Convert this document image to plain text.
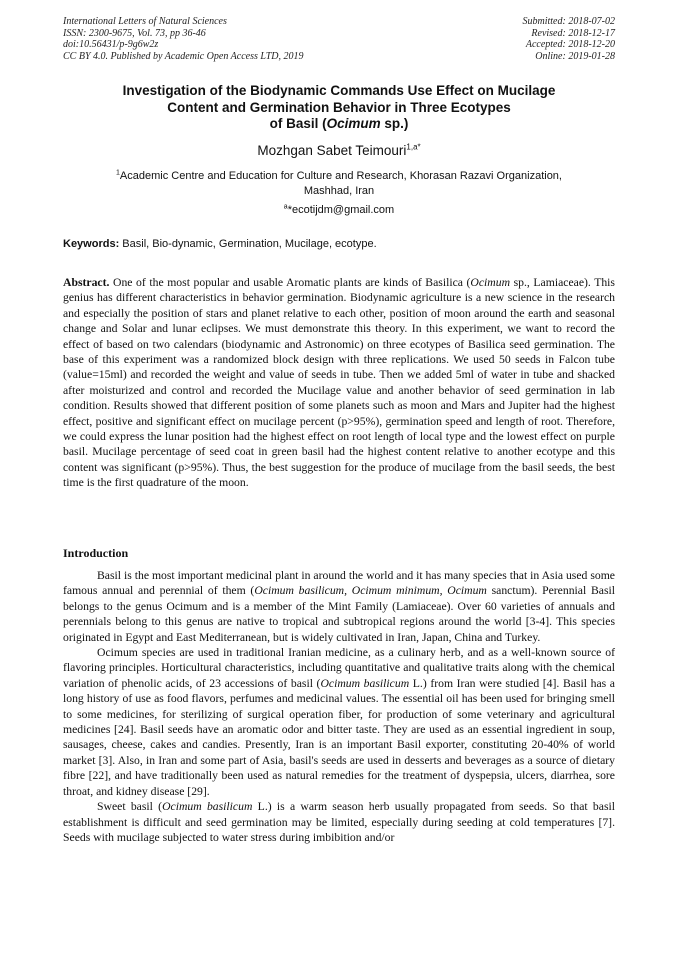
International Letters of Natural Sciences
ISSN: 2300-9675, Vol. 73, pp 36-46
doi:10.56431/p-9g6w2z
CC BY 4.0. Published by Academic Open Access LTD, 2019
Submitted: 2018-07-02
Revised: 2018-12-17
Accepted: 2018-12-20
Online: 2019-01-28
Investigation of the Biodynamic Commands Use Effect on Mucilage
Content and Germination Behavior in Three Ecotypes
of Basil (Ocimum sp.)
Mozhgan Sabet Teimouri$^{1,a*}$
$^1$Academic Centre and Education for Culture and Research, Khorasan Razavi Organization,
Mashhad, Iran
$^a$*ecotijdm@gmail.com
Keywords: Basil, Bio-dynamic, Germination, Mucilage, ecotype.
Abstract. One of the most popular and usable Aromatic plants are kinds of Basilica (Ocimum sp., Lamiaceae). This genius has different characteristics in behavior germination. Biodynamic agriculture is a new science in the research and especially the position of stars and planet relative to each other, position of moon around the earth and seasonal change and Solar and lunar eclipses. We must demonstrate this theory. In this experiment, we want to record the effect of based on two calendars (biodynamic and Astronomic) on three ecotypes of Basilica seed germination. The base of this experiment was a randomized block design with three replications. We used 50 seeds in Falcon tube (value=15ml) and recorded the weight and value of seeds in tube. Then we added 5ml of water in tube and shacked after moisturized and control and recorded the Mucilage value and another behavior of seed germination in lab condition. Results showed that different position of some planets such as moon and Mars and Jupiter had the highest effect, positive and significant effect on mucilage percent (p>95%), germination speed and length of root. Therefore, we could express the lunar position had the highest effect on root length of local type and the lowest effect on purple basil. Mucilage percentage of seed coat in green basil had the highest content relative to another ecotype and this content was significant (p>95%). Thus, the best suggestion for the produce of mucilage from the basil seeds, the best time is the first quadrature of the moon.
Introduction

Basil is the most important medicinal plant in around the world and it has many species that in Asia used some famous annual and perennial of them (Ocimum basilicum, Ocimum minimum, Ocimum sanctum). Perennial Basil belongs to the genus Ocimum and is a member of the Mint Family (Lamiaceae). Over 60 varieties of annuals and perennials belong to this genus are native to tropical and subtropical regions around the world [3-4]. This species originated in Egypt and East Mediterranean, but is widely cultivated in Iran, Japan, China and Turkey.

Ocimum species are used in traditional Iranian medicine, as a culinary herb, and as a well-known source of flavoring principles. Horticultural characteristics, including quantitative and qualitative traits along with the chemical variation of phenolic acids, of 23 accessions of basil (Ocimum basilicum L.) from Iran were studied [4]. Basil has a long history of use as food flavors, perfumes and medicinal values. The essential oil has been used for bringing smell to some medicines, for sterilizing of surgical operation fiber, for production of some veterinary and agricultural medicines [24]. Basil seeds have an aromatic odor and bitter taste. They are used as an essential ingredient in soup, sausages, cheese, cakes and candies. Presently, Iran is an important Basil exporter, constituting 20-40% of world market [3]. Also, in Iran and some part of Asia, basil's seeds are used in desserts and beverages as a source of dietary fibre [22], and have traditionally been used as natural remedies for the treatment of dyspepsia, ulcers, diarrhea, sore throat, and kidney disease [29].

Sweet basil (Ocimum basilicum L.) is a warm season herb usually propagated from seeds. So that basil establishment is difficult and seed germination may be limited, especially during seeding at cold temperatures [7]. Seeds with mucilage subjected to water stress during imbibition and/or
